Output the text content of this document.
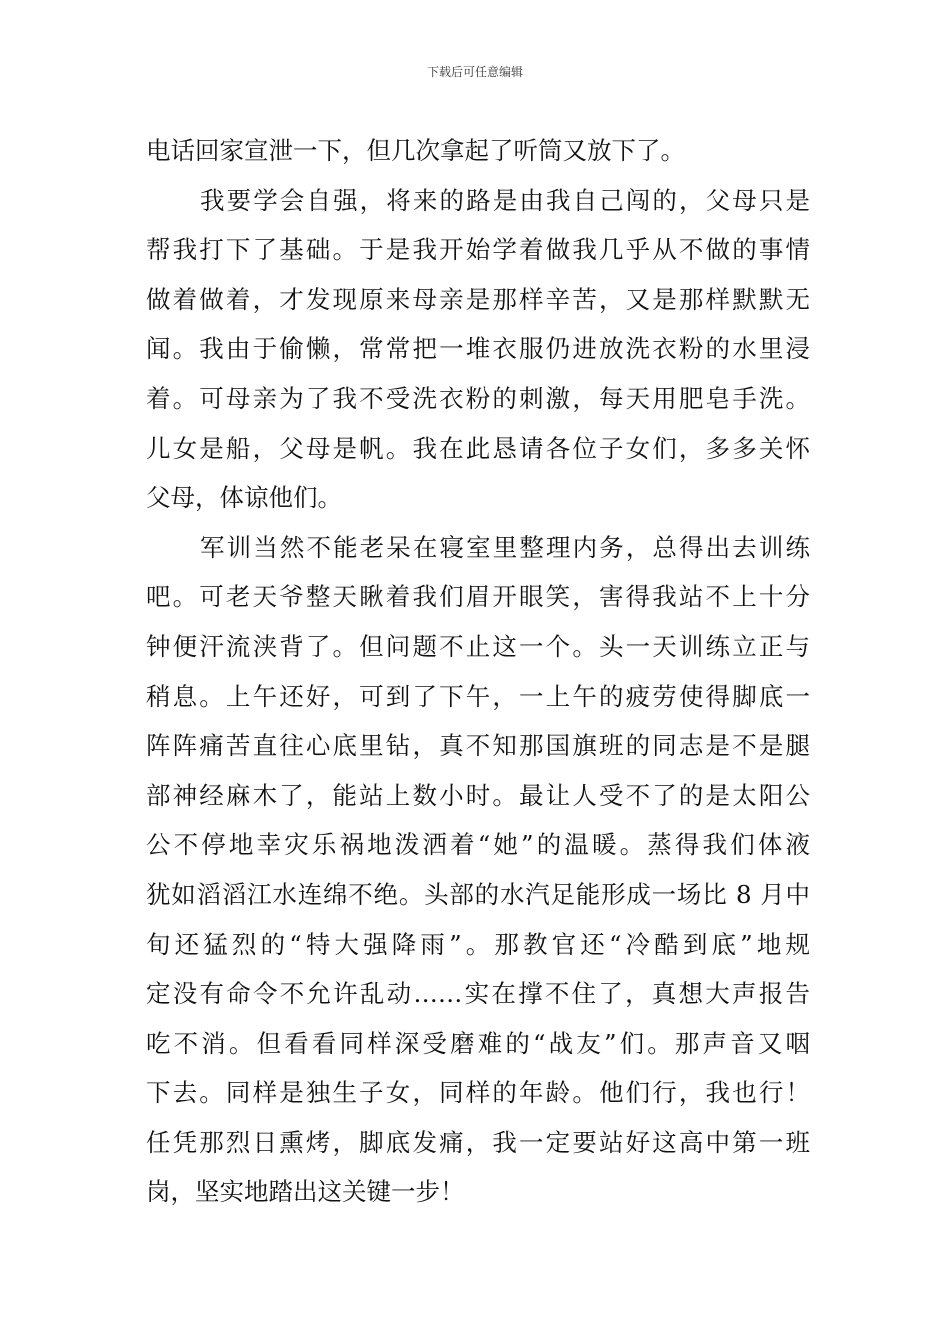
下载后可任意编辑
电话回家宣泄一下，但几次拿起了听筒又放下了。
我要学会自强，将来的路是由我自己闯的，父母只是
帮我打下了基础。于是我开始学着做我几乎从不做的事情
做着做着，才发现原来母亲是那样辛苦，又是那样默默无
闻。我由于偷懒，常常把一堆衣服仍进放洗衣粉的水里浸
着。可母亲为了我不受洗衣粉的刺激，每天用肥皂手洗。
儿女是船，父母是帆。我在此恳请各位子女们，多多关怀
父母，体谅他们。
军训当然不能老呆在寝室里整理内务，总得出去训练
吧。可老天爷整天瞅着我们眉开眼笑，害得我站不上十分
钟便汗流浃背了。但问题不止这一个。头一天训练立正与
稍息。上午还好，可到了下午，一上午的疲劳使得脚底一
阵阵痛苦直往心底里钻，真不知那国旗班的同志是不是腿
部神经麻木了，能站上数小时。最让人受不了的是太阳公
公不停地幸灾乐祸地泼洒着“她”的温暖。蒸得我们体液
犹如滔滔江水连绵不绝。头部的水汽足能形成一场比 8 月中
旬还猛烈的“特大强降雨”。那教官还“冷酷到底”地规
定没有命令不允许乱动……实在撑不住了，真想大声报告
吃不消。但看看同样深受磨难的“战友”们。那声音又咽
下去。同样是独生子女，同样的年龄。他们行，我也行！
任凭那烈日熏烤，脚底发痛，我一定要站好这高中第一班
岗，坚实地踏出这关键一步！
